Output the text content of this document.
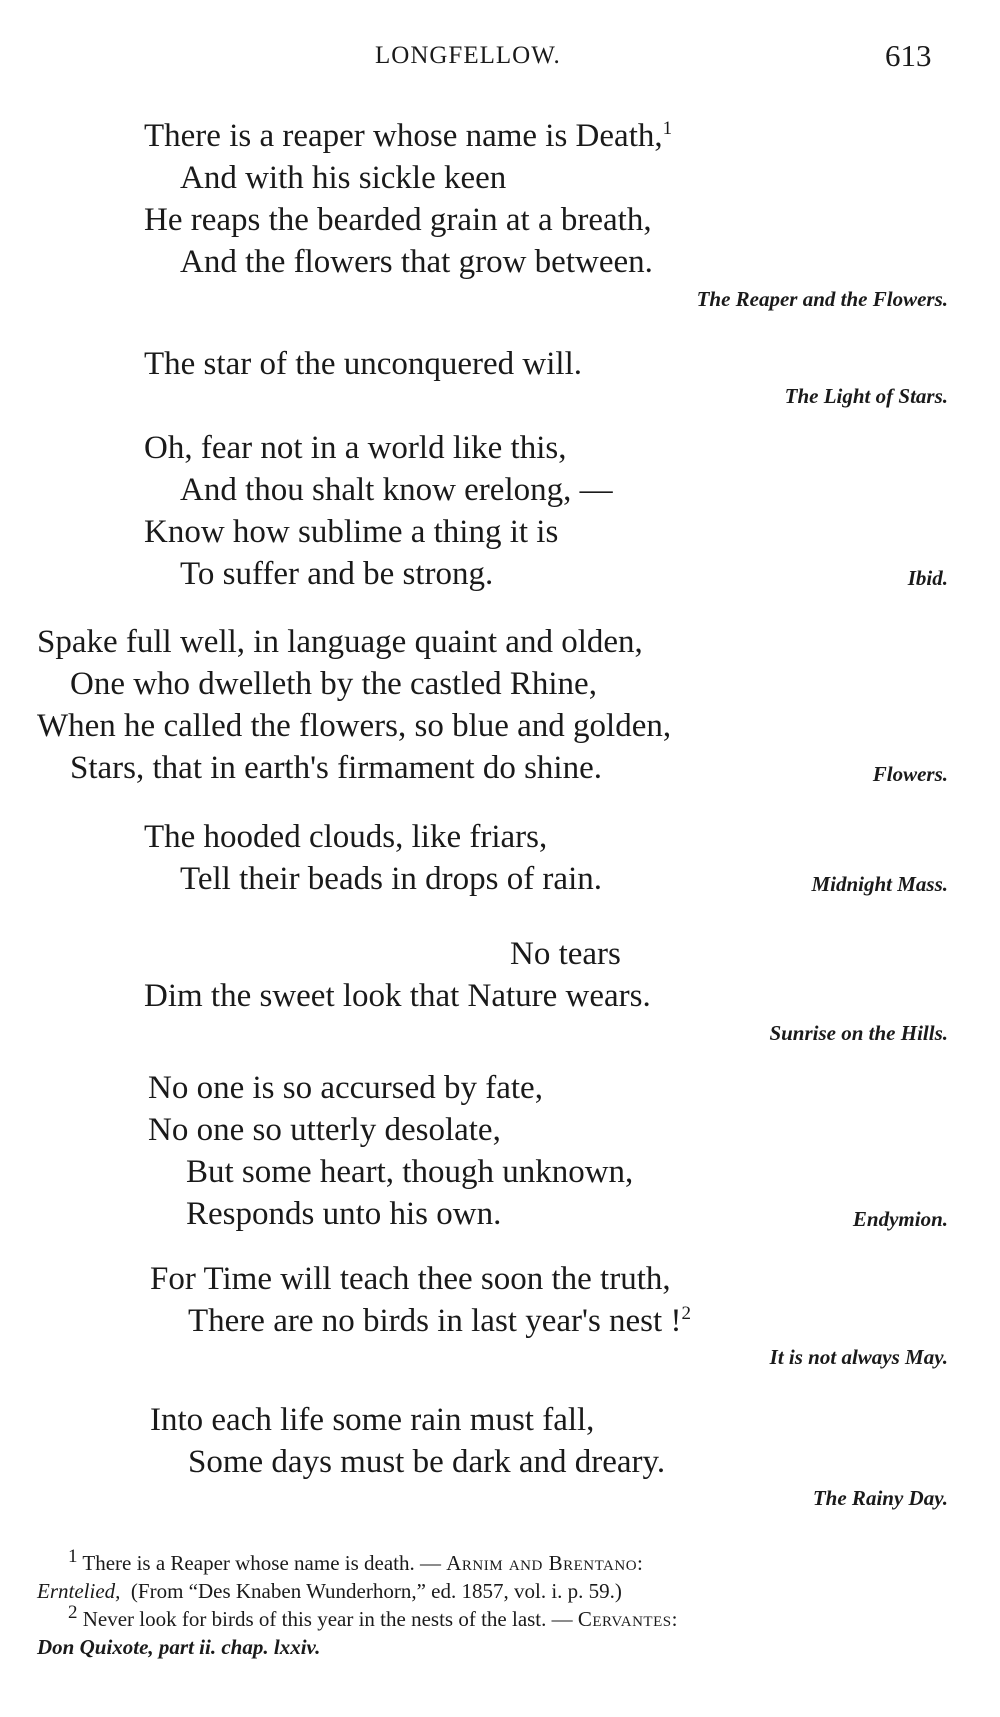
LONGFELLOW.	613
There is a reaper whose name is Death,$^1$
And with his sickle keen
He reaps the bearded grain at a breath,
And the flowers that grow between.
The Reaper and the Flowers.
The star of the unconquered will.
The Light of Stars.
Oh, fear not in a world like this,
And thou shalt know erelong, —
Know how sublime a thing it is
To suffer and be strong.	Ibid.
Spake full well, in language quaint and olden,
One who dwelleth by the castled Rhine,
When he called the flowers, so blue and golden,
Stars, that in earth's firmament do shine.	Flowers.
The hooded clouds, like friars,
Tell their beads in drops of rain.	Midnight Mass.
No tears
Dim the sweet look that Nature wears.
Sunrise on the Hills.
No one is so accursed by fate,
No one so utterly desolate,
But some heart, though unknown,
Responds unto his own.	Endymion.
For Time will teach thee soon the truth,
There are no birds in last year's nest !$^2$
It is not always May.
Into each life some rain must fall,
Some days must be dark and dreary.
The Rainy Day.
$^1$ There is a Reaper whose name is death. — Arnim and Brentano:
Erntelied, (From “Des Knaben Wunderhorn,” ed. 1857, vol. i. p. 59.)
$^2$ Never look for birds of this year in the nests of the last. — Cervantes:
Don Quixote, part ii. chap. lxxiv.
